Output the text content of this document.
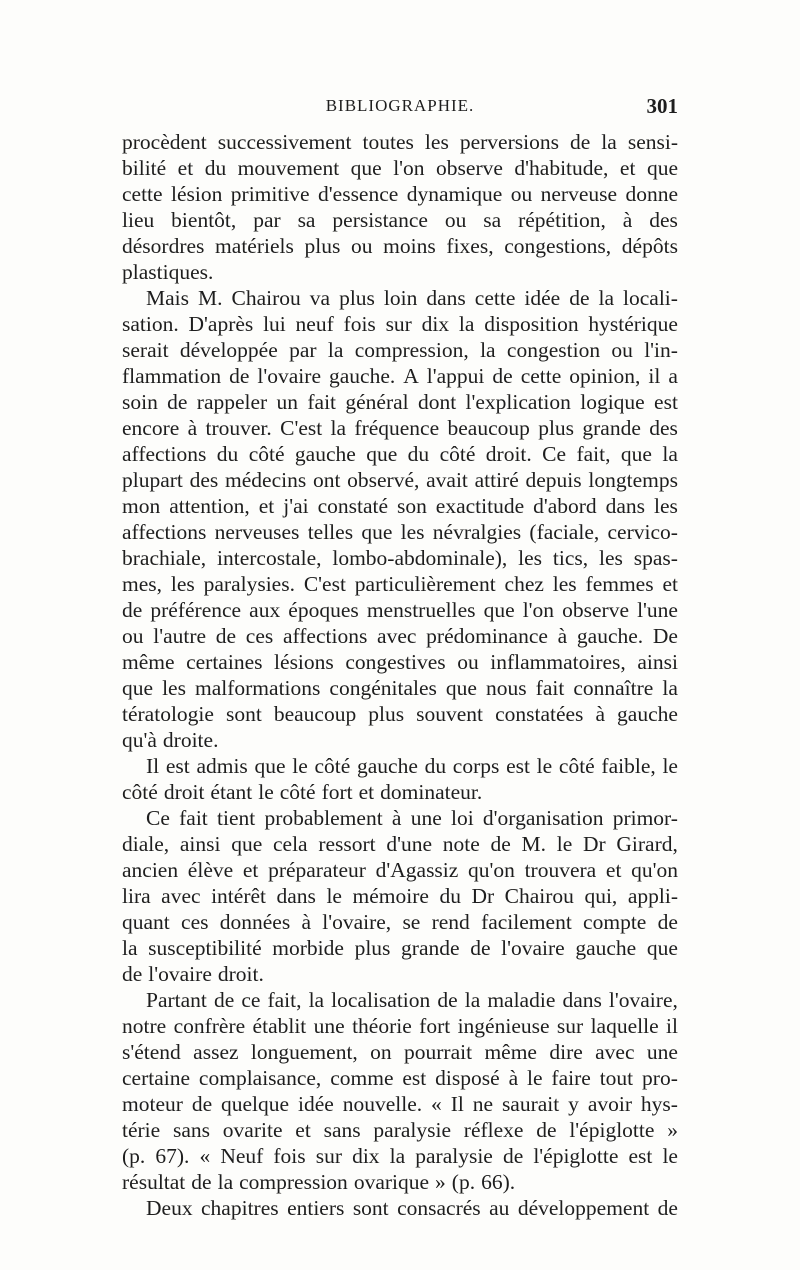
BIBLIOGRAPHIE.	301
procèdent successivement toutes les perversions de la sensi-
bilité et du mouvement que l'on observe d'habitude, et que
cette lésion primitive d'essence dynamique ou nerveuse donne
lieu bientôt, par sa persistance ou sa répétition, à des
désordres matériels plus ou moins fixes, congestions, dépôts
plastiques.
Mais M. Chairou va plus loin dans cette idée de la locali-
sation. D'après lui neuf fois sur dix la disposition hystérique
serait développée par la compression, la congestion ou l'in-
flammation de l'ovaire gauche. A l'appui de cette opinion, il a
soin de rappeler un fait général dont l'explication logique est
encore à trouver. C'est la fréquence beaucoup plus grande des
affections du côté gauche que du côté droit. Ce fait, que la
plupart des médecins ont observé, avait attiré depuis longtemps
mon attention, et j'ai constaté son exactitude d'abord dans les
affections nerveuses telles que les névralgies (faciale, cervico-
brachiale, intercostale, lombo-abdominale), les tics, les spas-
mes, les paralysies. C'est particulièrement chez les femmes et
de préférence aux époques menstruelles que l'on observe l'une
ou l'autre de ces affections avec prédominance à gauche. De
même certaines lésions congestives ou inflammatoires, ainsi
que les malformations congénitales que nous fait connaître la
tératologie sont beaucoup plus souvent constatées à gauche
qu'à droite.
Il est admis que le côté gauche du corps est le côté faible, le
côté droit étant le côté fort et dominateur.
Ce fait tient probablement à une loi d'organisation primor-
diale, ainsi que cela ressort d'une note de M. le Dr Girard,
ancien élève et préparateur d'Agassiz qu'on trouvera et qu'on
lira avec intérêt dans le mémoire du Dr Chairou qui, appli-
quant ces données à l'ovaire, se rend facilement compte de
la susceptibilité morbide plus grande de l'ovaire gauche que
de l'ovaire droit.
Partant de ce fait, la localisation de la maladie dans l'ovaire,
notre confrère établit une théorie fort ingénieuse sur laquelle il
s'étend assez longuement, on pourrait même dire avec une
certaine complaisance, comme est disposé à le faire tout pro-
moteur de quelque idée nouvelle. « Il ne saurait y avoir hys-
térie sans ovarite et sans paralysie réflexe de l'épiglotte »
(p. 67). « Neuf fois sur dix la paralysie de l'épiglotte est le
résultat de la compression ovarique » (p. 66).
Deux chapitres entiers sont consacrés au développement de
